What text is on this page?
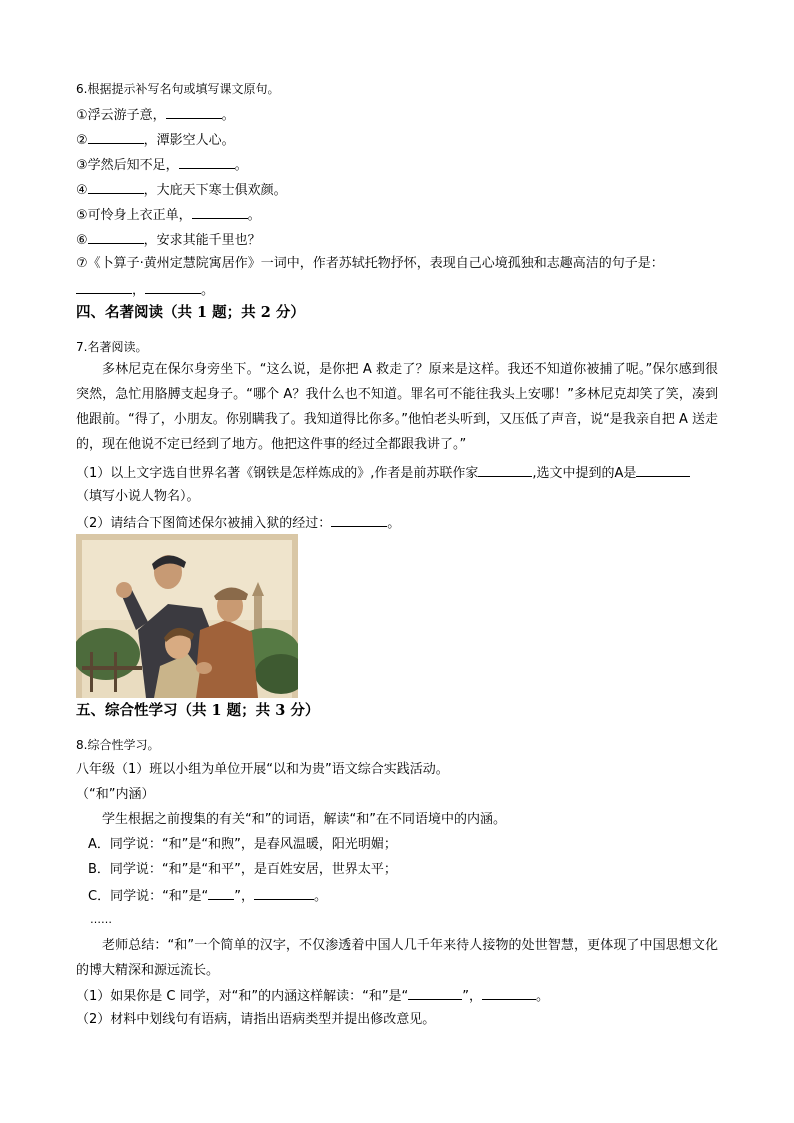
6.根据提示补写名句或填写课文原句。
①浮云游子意，	。
②	，潭影空人心。
③学然后知不足，	。
④	，大庇天下寒士俱欢颜。
⑤可怜身上衣正单，	。
⑥	，安求其能千里也？
⑦《卜算子·黄州定慧院寓居作》一词中，作者苏轼托物抒怀，表现自己心境孤独和志趣高洁的句子是：
，	。
四、名著阅读（共 1 题；共 2 分）
7.名著阅读。
多林尼克在保尔身旁坐下。“这么说，是你把 A 救走了？原来是这样。我还不知道你被捕了呢。”保尔感到很突然，急忙用胳膊支起身子。“哪个 A？我什么也不知道。罪名可不能往我头上安哪！”多林尼克却笑了笑，凑到他跟前。“得了，小朋友。你别瞒我了。我知道得比你多。”他怕老头听到，又压低了声音，说“是我亲自把 A 送走的，现在他说不定已经到了地方。他把这件事的经过全都跟我讲了。”
（1）以上文字选自世界名著《钢铁是怎样炼成的》,作者是前苏联作家	,选文中提到的A是
（填写小说人物名）。
（2）请结合下图简述保尔被捕入狱的经过：	。
五、综合性学习（共 1 题；共 3 分）
8.综合性学习。
八年级（1）班以小组为单位开展“以和为贵”语文综合实践活动。
（“和”内涵）
学生根据之前搜集的有关“和”的词语，解读“和”在不同语境中的内涵。
A．同学说：“和”是“和煦”，是春风温暖，阳光明媚；
B．同学说：“和”是“和平”，是百姓安居，世界太平；
C．同学说：“和”是“ ”，	。
……
老师总结：“和”一个简单的汉字，不仅渗透着中国人几千年来待人接物的处世智慧，更体现了中国思想文化的博大精深和源远流长。
（1）如果你是 C 同学，对“和”的内涵这样解读：“和”是“	”，	。
（2）材料中划线句有语病，请指出语病类型并提出修改意见。
